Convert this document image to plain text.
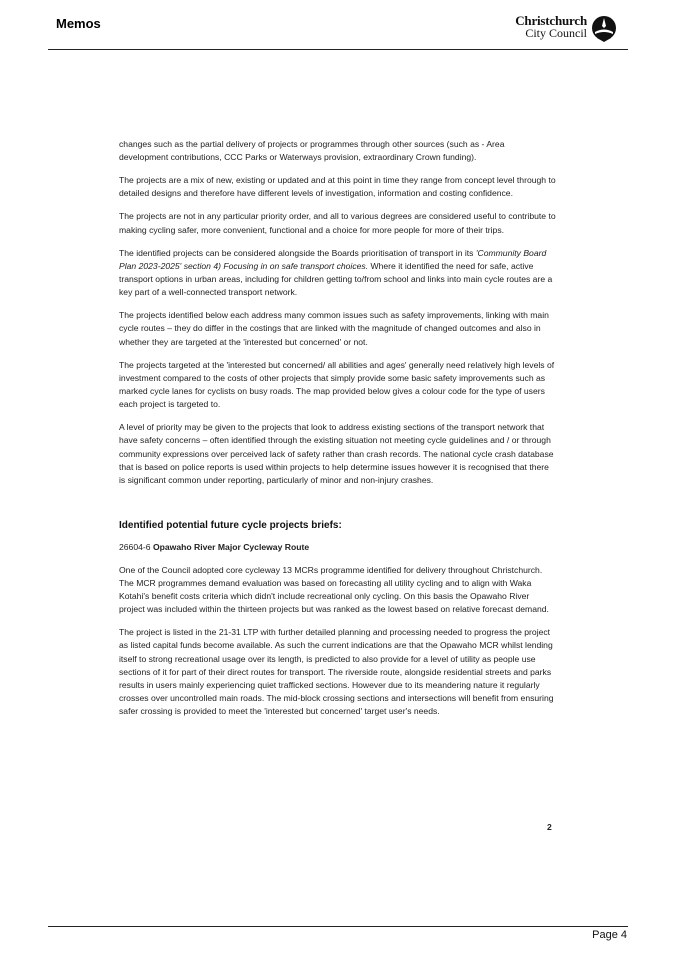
Memos	Christchurch
City Council

changes such as the partial delivery of projects or programmes through other sources (such as - Area development contributions, CCC Parks or Waterways provision, extraordinary Crown funding).

The projects are a mix of new, existing or updated and at this point in time they range from concept level through to detailed designs and therefore have different levels of investigation, information and costing confidence.

The projects are not in any particular priority order, and all to various degrees are considered useful to contribute to making cycling safer, more convenient, functional and a choice for more people for more of their trips.

The identified projects can be considered alongside the Boards prioritisation of transport in its 'Community Board Plan 2023-2025' section 4) Focusing in on safe transport choices. Where it identified the need for safe, active transport options in urban areas, including for children getting to/from school and links into main cycle routes are a key part of a well-connected transport network.

The projects identified below each address many common issues such as safety improvements, linking with main cycle routes – they do differ in the costings that are linked with the magnitude of changed outcomes and also in whether they are targeted at the 'interested but concerned' or not.

The projects targeted at the 'interested but concerned/ all abilities and ages' generally need relatively high levels of investment compared to the costs of other projects that simply provide some basic safety improvements such as marked cycle lanes for cyclists on busy roads. The map provided below gives a colour code for the type of users each project is targeted to.

A level of priority may be given to the projects that look to address existing sections of the transport network that have safety concerns – often identified through the existing situation not meeting cycle guidelines and / or through community expressions over perceived lack of safety rather than crash records. The national cycle crash database that is based on police reports is used within projects to help determine issues however it is recognised that there is significant common under reporting, particularly of minor and non-injury crashes.

Identified potential future cycle projects briefs:
26604-6 Opawaho River Major Cycleway Route

One of the Council adopted core cycleway 13 MCRs programme identified for delivery throughout Christchurch. The MCR programmes demand evaluation was based on forecasting all utility cycling and to align with Waka Kotahi's benefit costs criteria which didn't include recreational only cycling. On this basis the Opawaho River project was included within the thirteen projects but was ranked as the lowest based on relative forecast demand.

The project is listed in the 21-31 LTP with further detailed planning and processing needed to progress the project as listed capital funds become available. As such the current indications are that the Opawaho MCR whilst lending itself to strong recreational usage over its length, is predicted to also provide for a level of utility as people use sections of it for part of their direct routes for transport. The riverside route, alongside residential streets and parks results in users mainly experiencing quiet trafficked sections. However due to its meandering nature it regularly crosses over uncontrolled main roads. The mid-block crossing sections and intersections will benefit from ensuring safer crossing is provided to meet the 'interested but concerned' target user's needs.

2
Page 4
